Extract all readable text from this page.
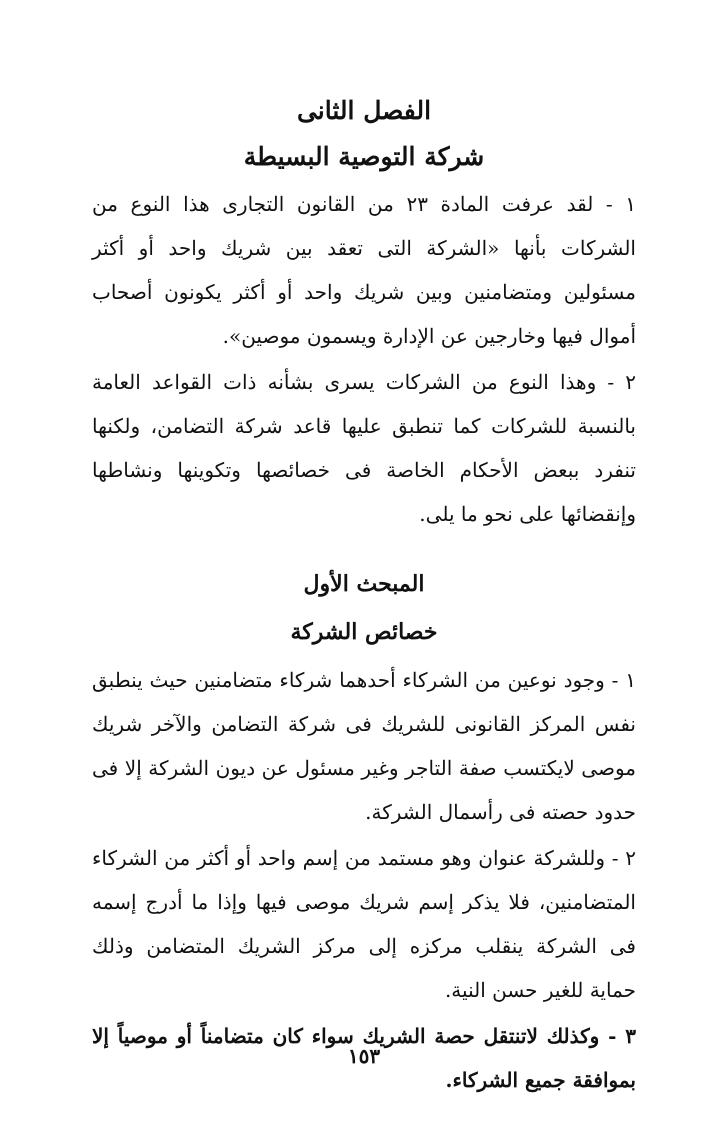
الفصل الثانى
شركة التوصية البسيطة

١ - لقد عرفت المادة ٢٣ من القانون التجارى هذا النوع من الشركات بأنها «الشركة التى تعقد بين شريك واحد أو أكثر مسئولين ومتضامنين وبين شريك واحد أو أكثر يكونون أصحاب أموال فيها وخارجين عن الإدارة ويسمون موصين».

٢ - وهذا النوع من الشركات يسرى بشأنه ذات القواعد العامة بالنسبة للشركات كما تنطبق عليها قاعد شركة التضامن، ولكنها تنفرد ببعض الأحكام الخاصة فى خصائصها وتكوينها ونشاطها وإنقضائها على نحو ما يلى.

المبحث الأول
خصائص الشركة

١ - وجود نوعين من الشركاء أحدهما شركاء متضامنين حيث ينطبق نفس المركز القانونى للشريك فى شركة التضامن والآخر شريك موصى لايكتسب صفة التاجر وغير مسئول عن ديون الشركة إلا فى حدود حصته فى رأسمال الشركة.

٢ - وللشركة عنوان وهو مستمد من إسم واحد أو أكثر من الشركاء المتضامنين، فلا يذكر إسم شريك موصى فيها وإذا ما أدرج إسمه فى الشركة ينقلب مركزه إلى مركز الشريك المتضامن وذلك حماية للغير حسن النية.

٣ - وكذلك لاتنتقل حصة الشريك سواء كان متضامناً أو موصياً إلا بموافقة جميع الشركاء.

١٥٣
